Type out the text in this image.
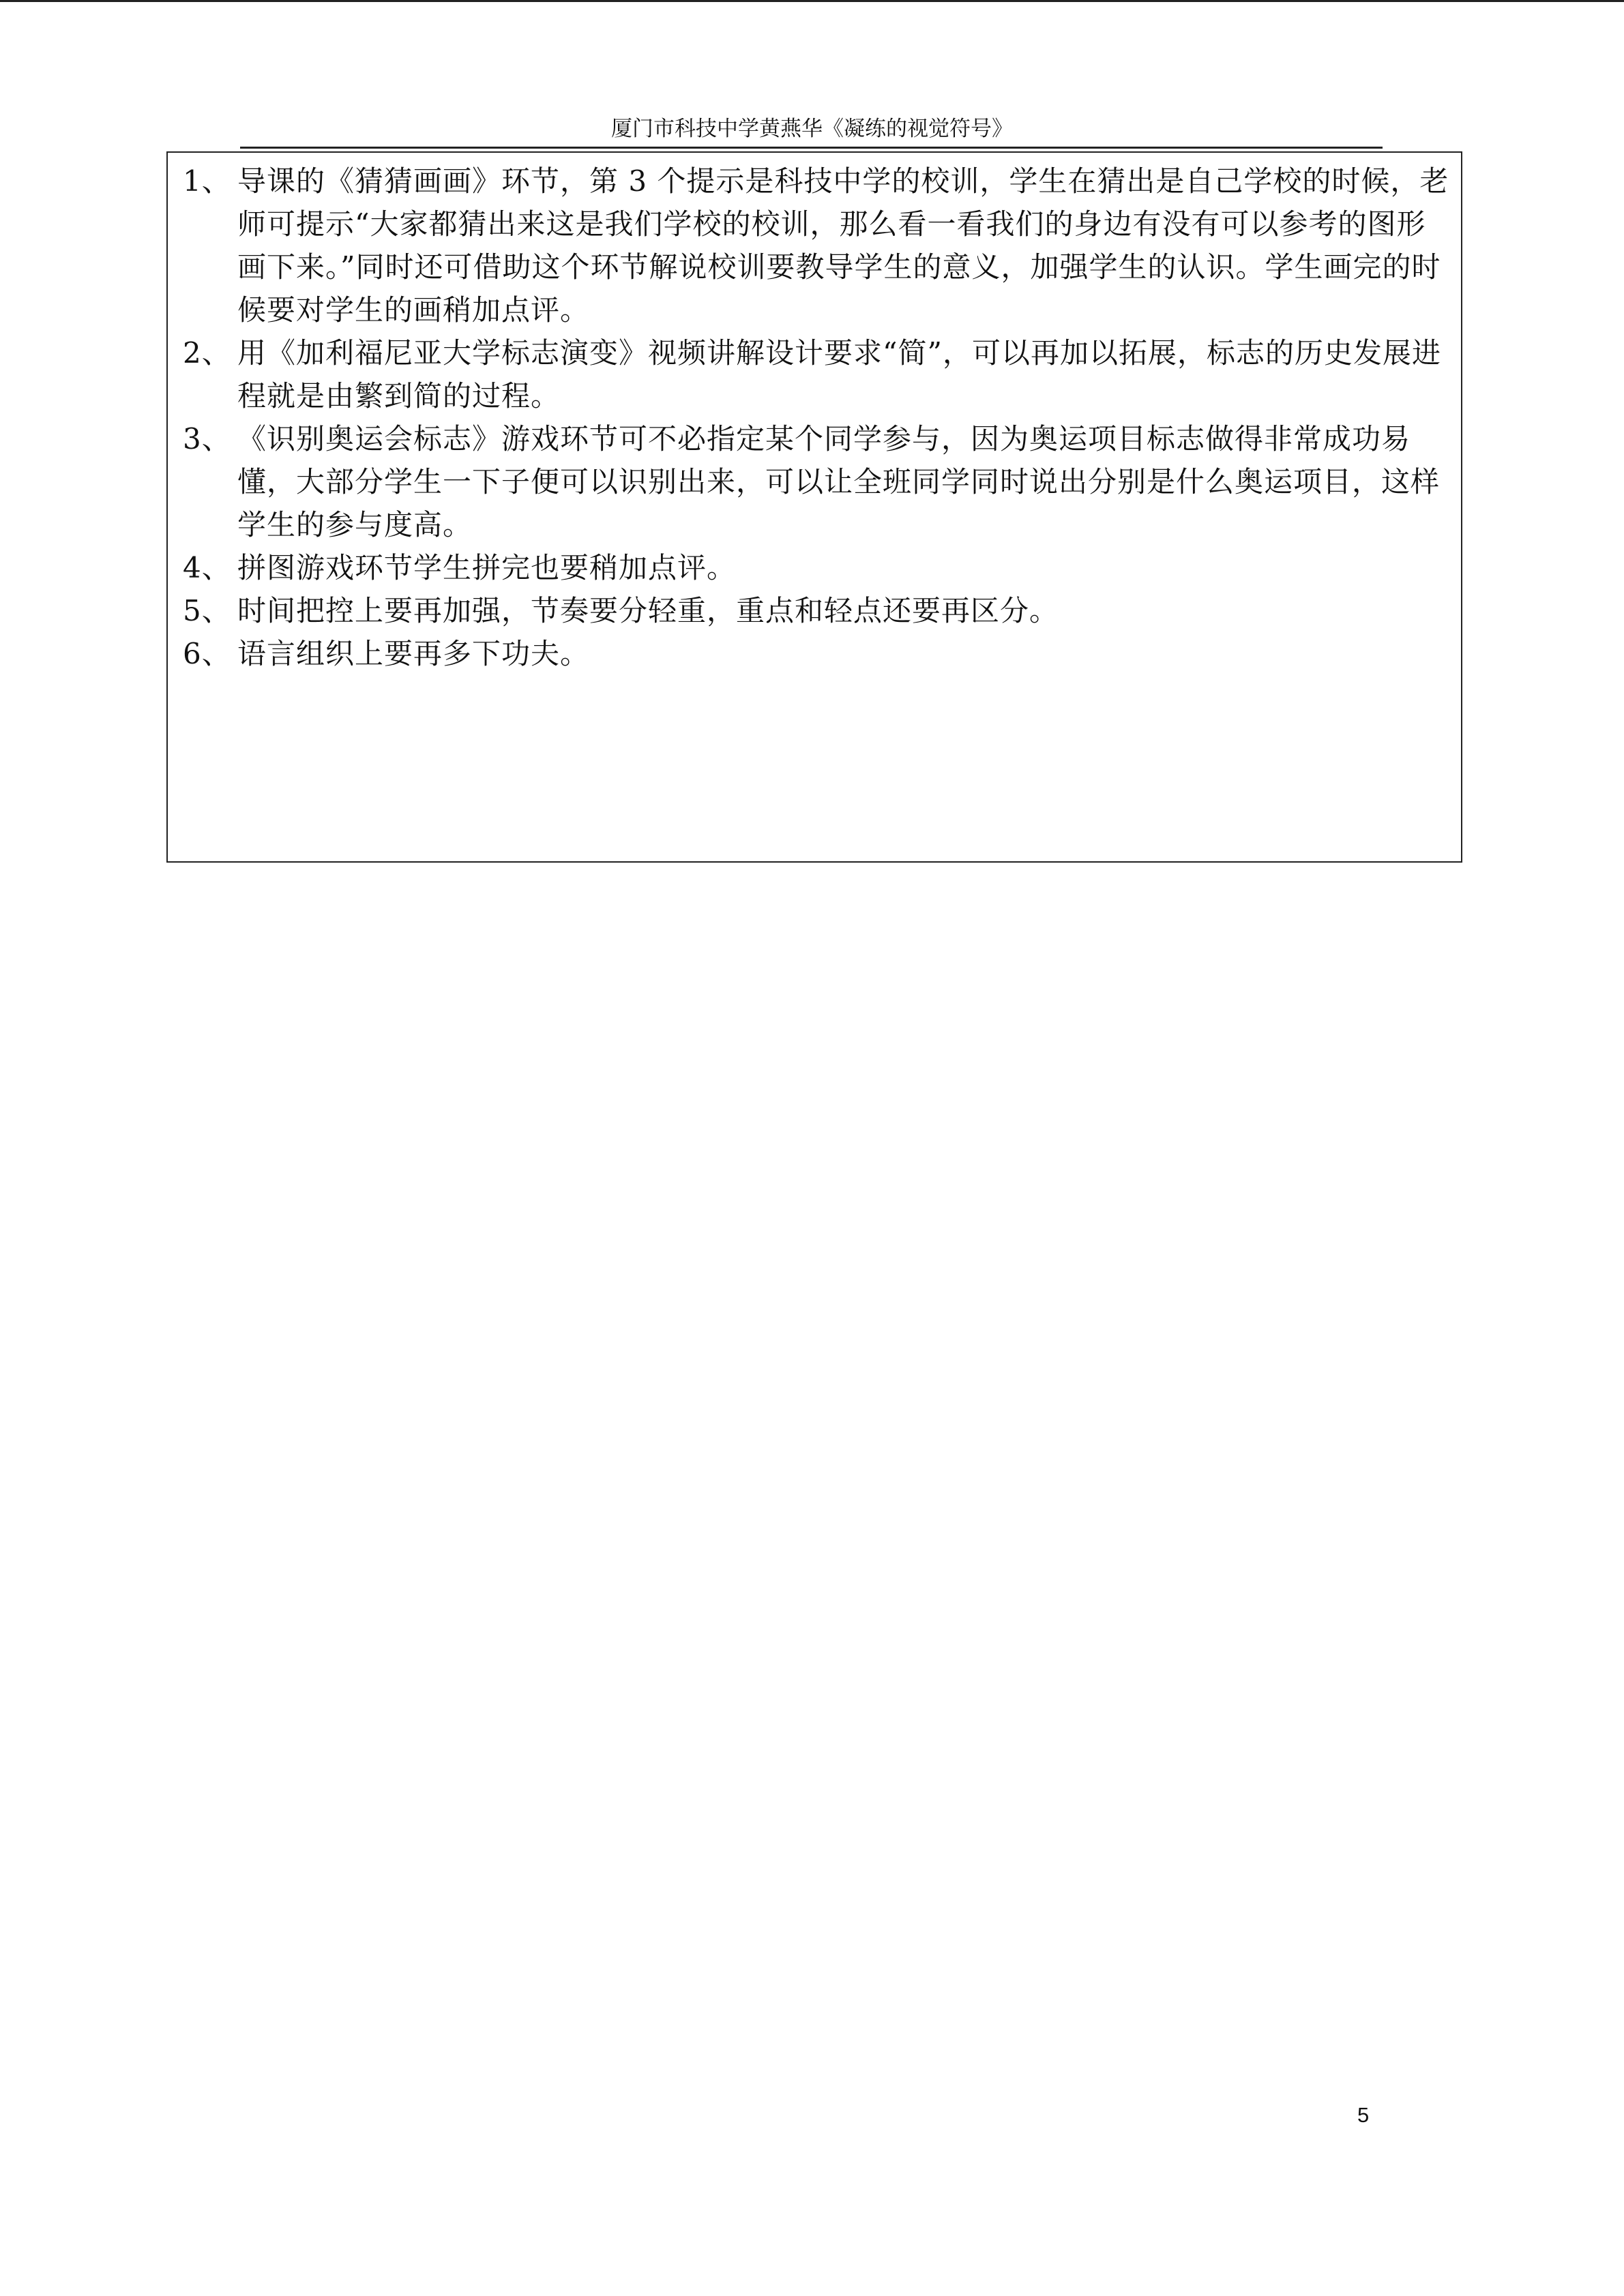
厦门市科技中学黄燕华《凝练的视觉符号》
1、 导课的《猜猜画画》环节，第 3 个提示是科技中学的校训，学生在猜出是自己学校的时候，老师可提示“大家都猜出来这是我们学校的校训，那么看一看我们的身边有没有可以参考的图形画下来。”同时还可借助这个环节解说校训要教导学生的意义，加强学生的认识。学生画完的时候要对学生的画稍加点评。
2、 用《加利福尼亚大学标志演变》视频讲解设计要求“简”，可以再加以拓展，标志的历史发展进程就是由繁到简的过程。
3、 《识别奥运会标志》游戏环节可不必指定某个同学参与，因为奥运项目标志做得非常成功易懂，大部分学生一下子便可以识别出来，可以让全班同学同时说出分别是什么奥运项目，这样学生的参与度高。
4、 拼图游戏环节学生拼完也要稍加点评。
5、 时间把控上要再加强，节奏要分轻重，重点和轻点还要再区分。
6、 语言组织上要再多下功夫。
5
